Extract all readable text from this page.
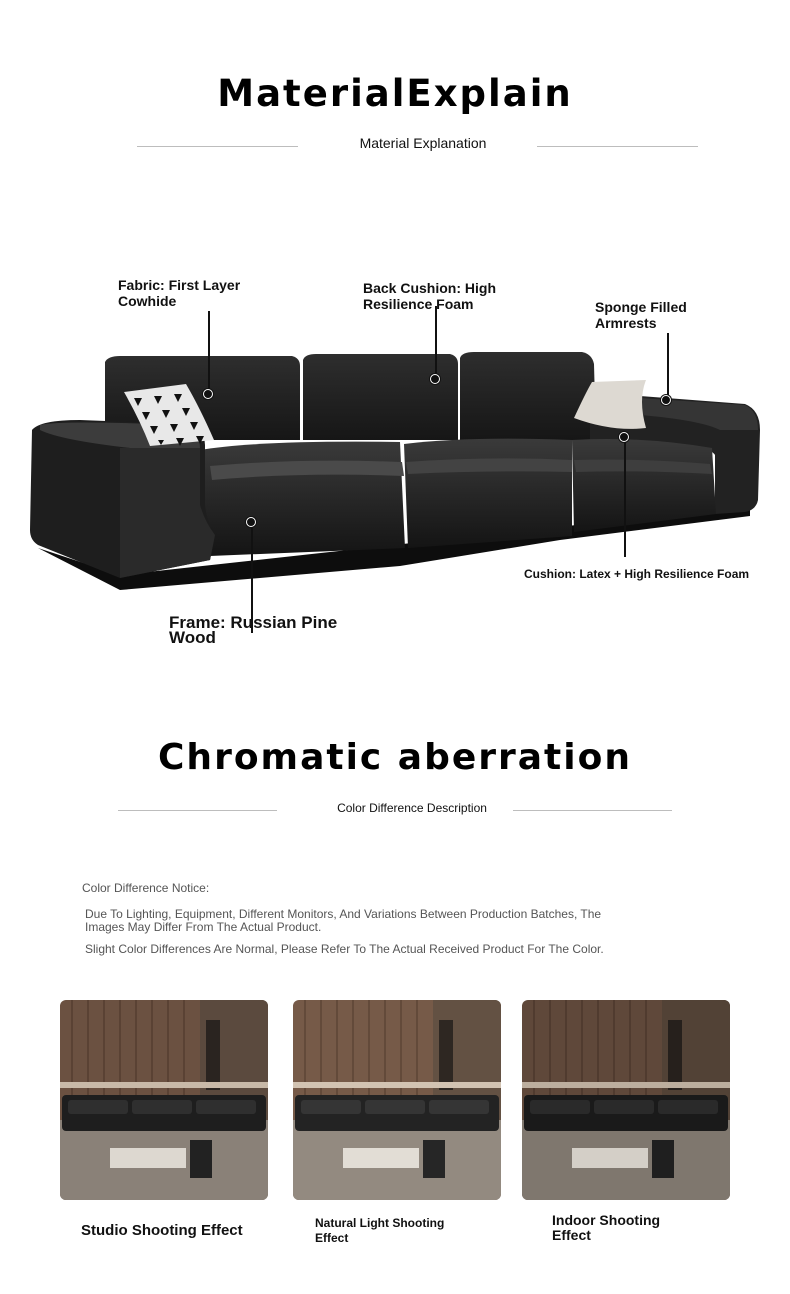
MaterialExplain
Material Explanation
Fabric: First Layer
Cowhide
Back Cushion: High
Resilience Foam	Sponge Filled
Armrests
Cushion: Latex + High Resilience Foam
Frame: Russian Pine
Wood
Chromatic aberration
Color Difference Description
Color Difference Notice:
Due To Lighting, Equipment, Different Monitors, And Variations Between Production Batches, The
Images May Differ From The Actual Product.
Slight Color Differences Are Normal, Please Refer To The Actual Received Product For The Color.
Studio Shooting Effect	Natural Light Shooting
Effect
Indoor Shooting
Effect
